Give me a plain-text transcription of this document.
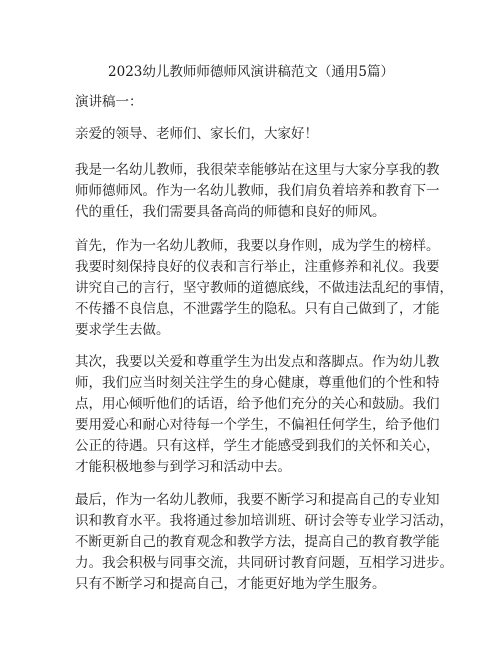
2023幼儿教师师德师风演讲稿范文（通用5篇）

演讲稿一：

亲爱的领导、老师们、家长们，大家好！

我是一名幼儿教师，我很荣幸能够站在这里与大家分享我的教
师师德师风。作为一名幼儿教师，我们肩负着培养和教育下一
代的重任，我们需要具备高尚的师德和良好的师风。

首先，作为一名幼儿教师，我要以身作则，成为学生的榜样。
我要时刻保持良好的仪表和言行举止，注重修养和礼仪。我要
讲究自己的言行，坚守教师的道德底线，不做违法乱纪的事情，
不传播不良信息，不泄露学生的隐私。只有自己做到了，才能
要求学生去做。

其次，我要以关爱和尊重学生为出发点和落脚点。作为幼儿教
师，我们应当时刻关注学生的身心健康，尊重他们的个性和特
点，用心倾听他们的话语，给予他们充分的关心和鼓励。我们
要用爱心和耐心对待每一个学生，不偏袒任何学生，给予他们
公正的待遇。只有这样，学生才能感受到我们的关怀和关心，
才能积极地参与到学习和活动中去。

最后，作为一名幼儿教师，我要不断学习和提高自己的专业知
识和教育水平。我将通过参加培训班、研讨会等专业学习活动，
不断更新自己的教育观念和教学方法，提高自己的教育教学能
力。我会积极与同事交流，共同研讨教育问题，互相学习进步。
只有不断学习和提高自己，才能更好地为学生服务。
